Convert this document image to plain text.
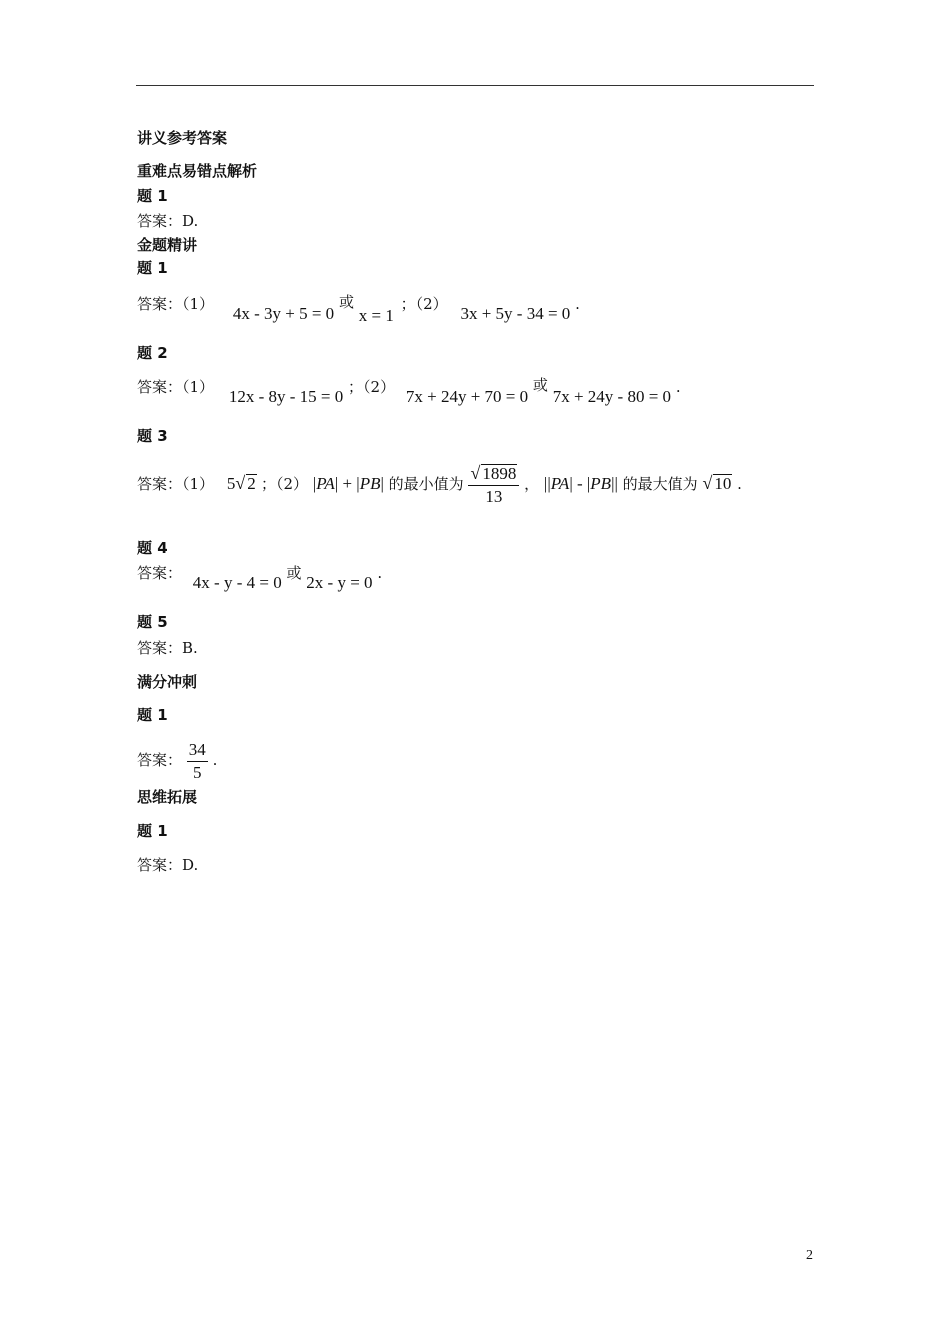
讲义参考答案
重难点易错点解析
题 1
答案：D.
金题精讲
题 1
答案：（1） 4x - 3y + 5 = 0 或 x = 1 ；（2） 3x + 5y - 34 = 0 .
题 2
答案：（1） 12x - 8y - 15 = 0 ；（2） 7x + 24y + 70 = 0 或 7x + 24y - 80 = 0 .
题 3
答案：（1） 5√ 2 ；（2） |PA| + |PB| 的最小值为 $\frac{√ 1898}{13}$ ， ||PA| - |PB|| 的最大值为 √ 10 .
题 4
答案： 4x - y - 4 = 0 或 2x - y = 0 .
题 5
答案：B.
满分冲刺
题 1
答案： $\frac{34}{5}$ .
思维拓展
题 1
答案：D.
2
